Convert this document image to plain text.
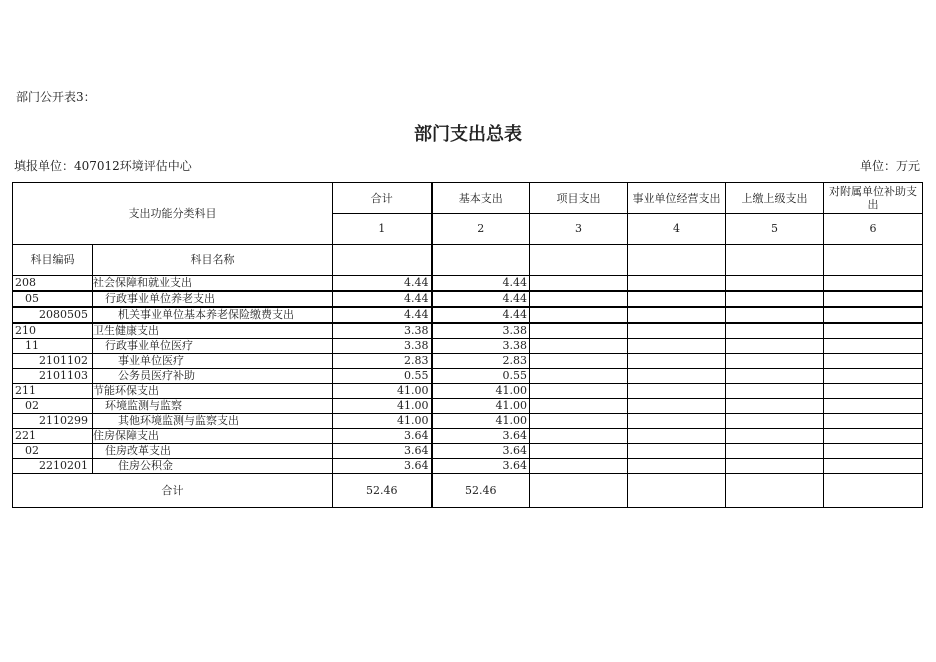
部门公开表3：
部门支出总表
填报单位：407012环境评估中心	单位：万元
支出功能分类科目		合计	基本支出	项目支出	事业单位经营支出	上缴上级支出	对附属单位补助支出
		1	2	3	4	5	6
科目编码	科目名称						
208	社会保障和就业支出	4.44	4.44				
05	行政事业单位养老支出	4.44	4.44				
2080505	机关事业单位基本养老保险缴费支出	4.44	4.44				
210	卫生健康支出	3.38	3.38				
11	行政事业单位医疗	3.38	3.38				
2101102	事业单位医疗	2.83	2.83				
2101103	公务员医疗补助	0.55	0.55				
211	节能环保支出	41.00	41.00				
02	环境监测与监察	41.00	41.00				
2110299	其他环境监测与监察支出	41.00	41.00				
221	住房保障支出	3.64	3.64				
02	住房改革支出	3.64	3.64				
2210201	住房公积金	3.64	3.64				
合计		52.46	52.46				
